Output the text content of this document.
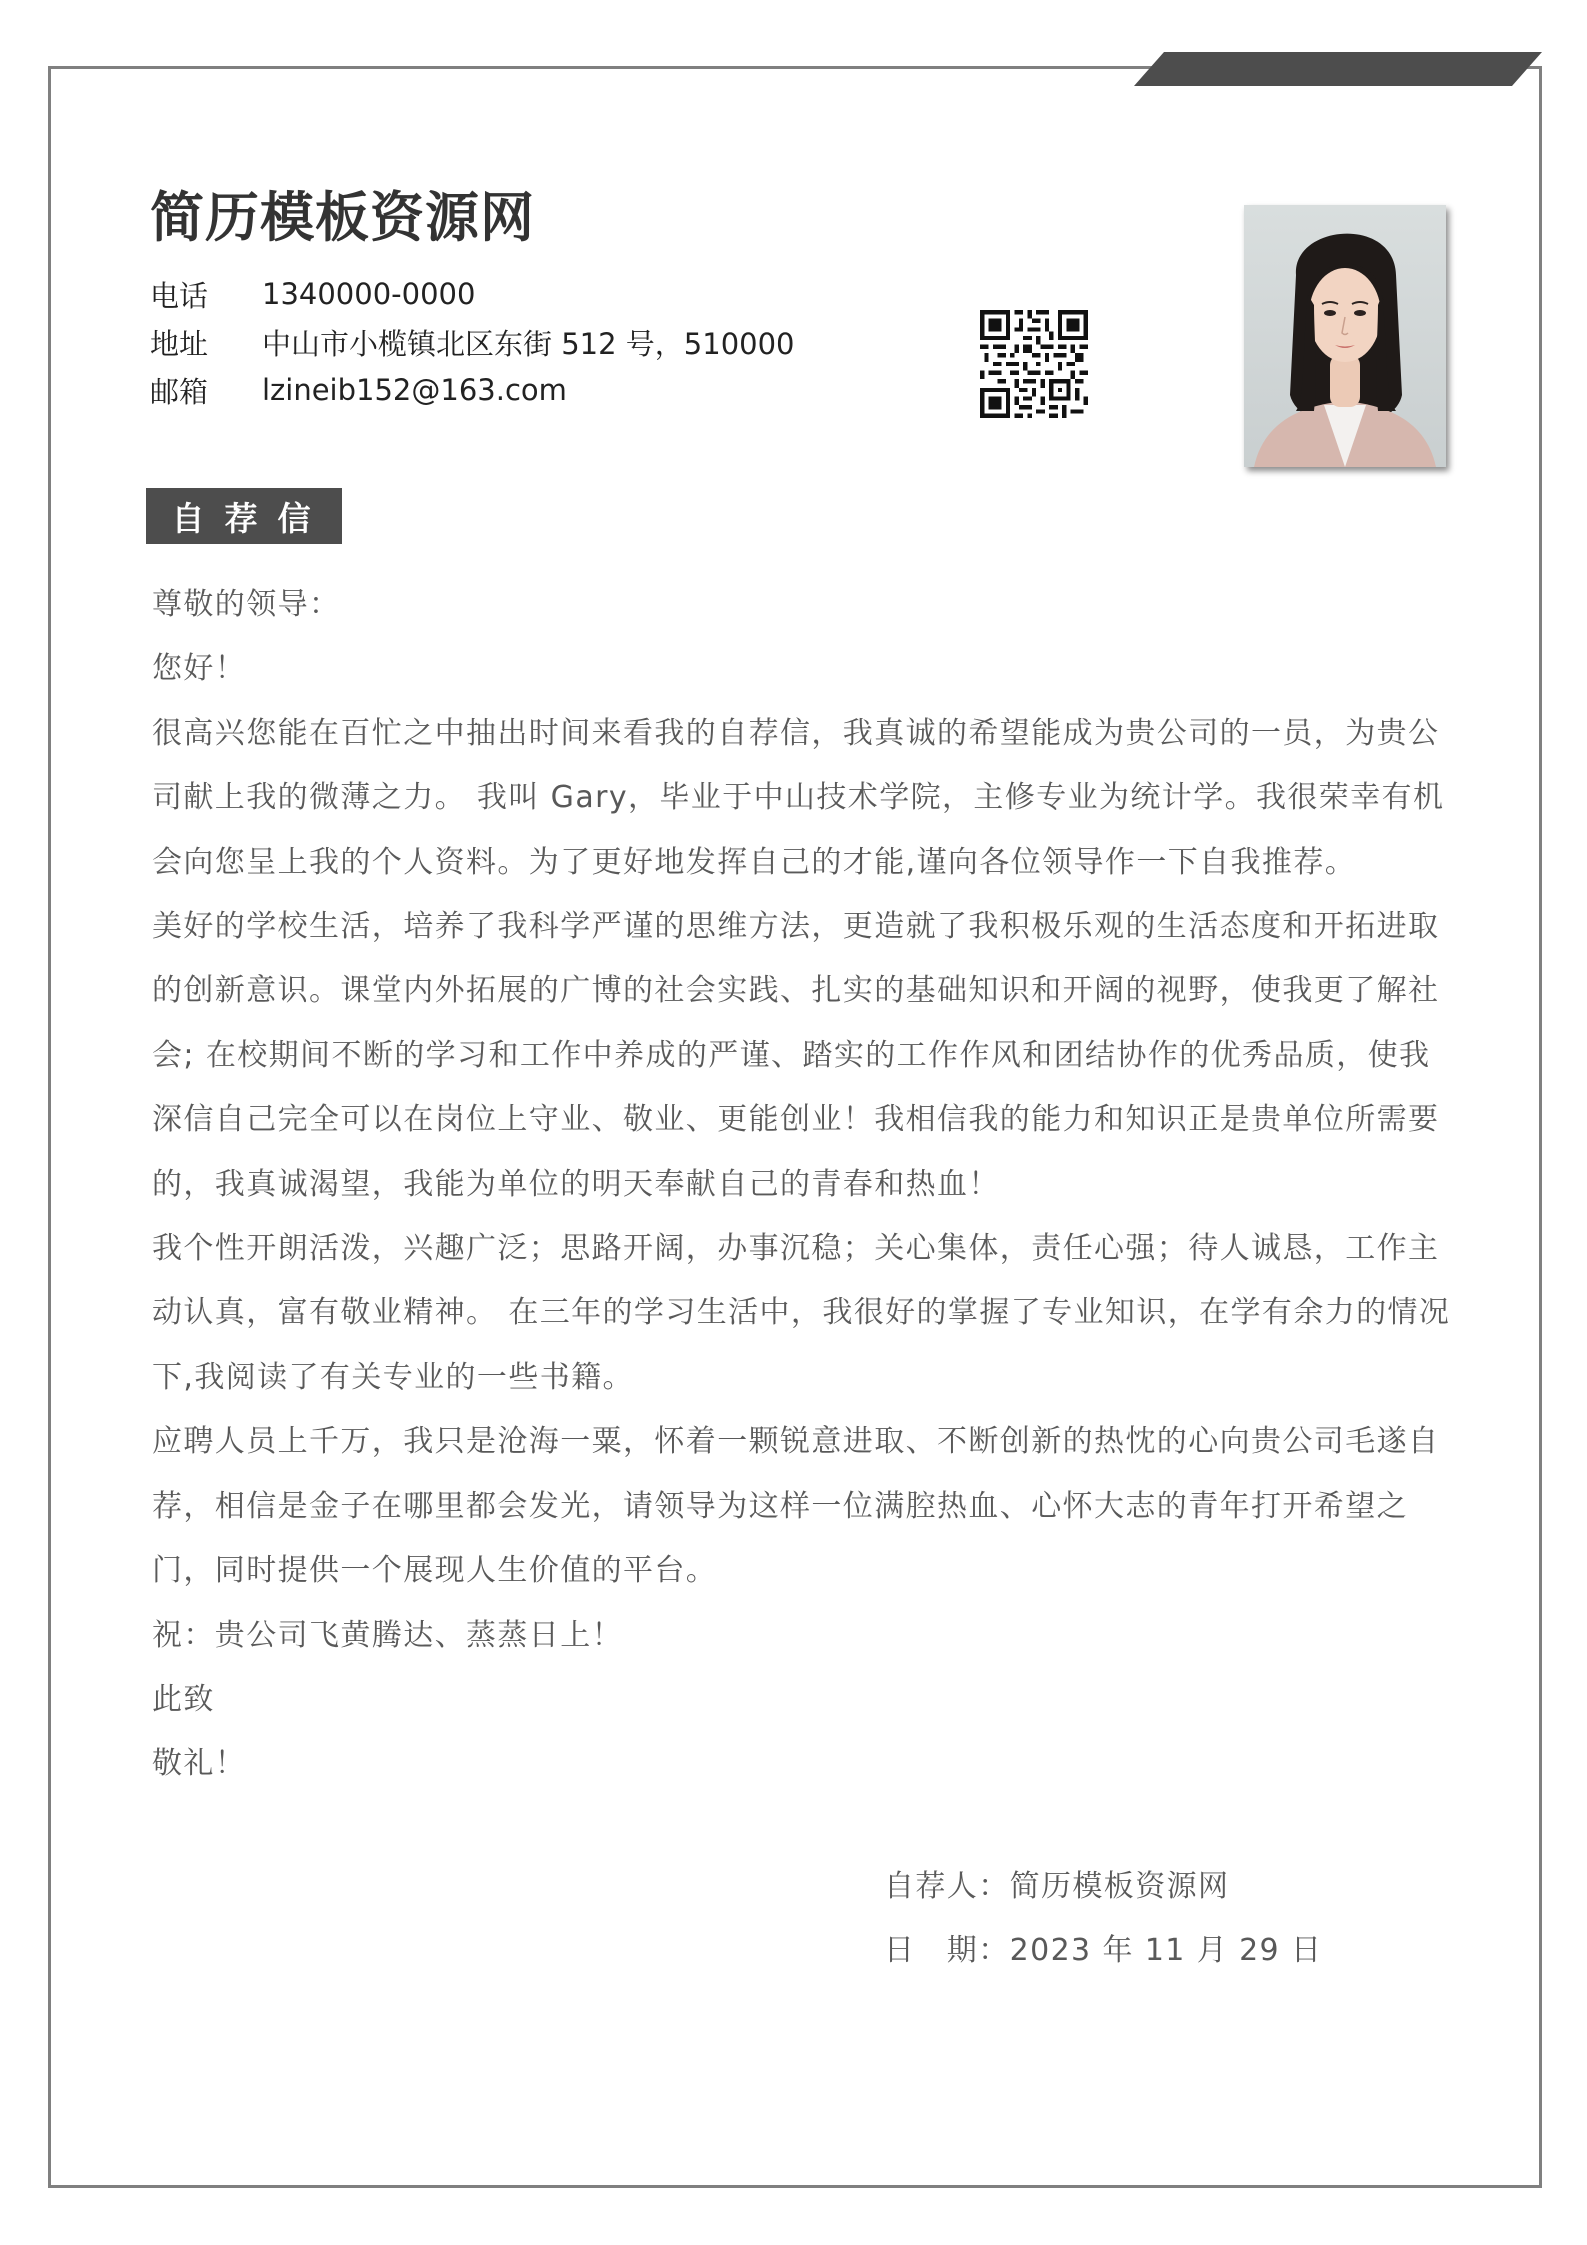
简历模板资源网
电话	1340000-0000
地址	中山市小榄镇北区东街 512 号，510000
邮箱	lzineib152@163.com
自荐信

尊敬的领导：

您好！

很高兴您能在百忙之中抽出时间来看我的自荐信，我真诚的希望能成为贵公司的一员，为贵公司献上我的微薄之力。 我叫 Gary，毕业于中山技术学院，主修专业为统计学。我很荣幸有机会向您呈上我的个人资料。为了更好地发挥自己的才能,谨向各位领导作一下自我推荐。

美好的学校生活，培养了我科学严谨的思维方法，更造就了我积极乐观的生活态度和开拓进取的创新意识。课堂内外拓展的广博的社会实践、扎实的基础知识和开阔的视野，使我更了解社会; 在校期间不断的学习和工作中养成的严谨、踏实的工作作风和团结协作的优秀品质，使我深信自己完全可以在岗位上守业、敬业、更能创业！我相信我的能力和知识正是贵单位所需要的，我真诚渴望，我能为单位的明天奉献自己的青春和热血！

我个性开朗活泼，兴趣广泛；思路开阔，办事沉稳；关心集体，责任心强；待人诚恳，工作主动认真，富有敬业精神。 在三年的学习生活中，我很好的掌握了专业知识，在学有余力的情况下,我阅读了有关专业的一些书籍。

应聘人员上千万，我只是沧海一粟，怀着一颗锐意进取、不断创新的热忱的心向贵公司毛遂自荐，相信是金子在哪里都会发光，请领导为这样一位满腔热血、心怀大志的青年打开希望之门，同时提供一个展现人生价值的平台。

祝：贵公司飞黄腾达、蒸蒸日上！

此致

敬礼！

自荐人：简历模板资源网
日　期：2023 年 11 月 29 日
